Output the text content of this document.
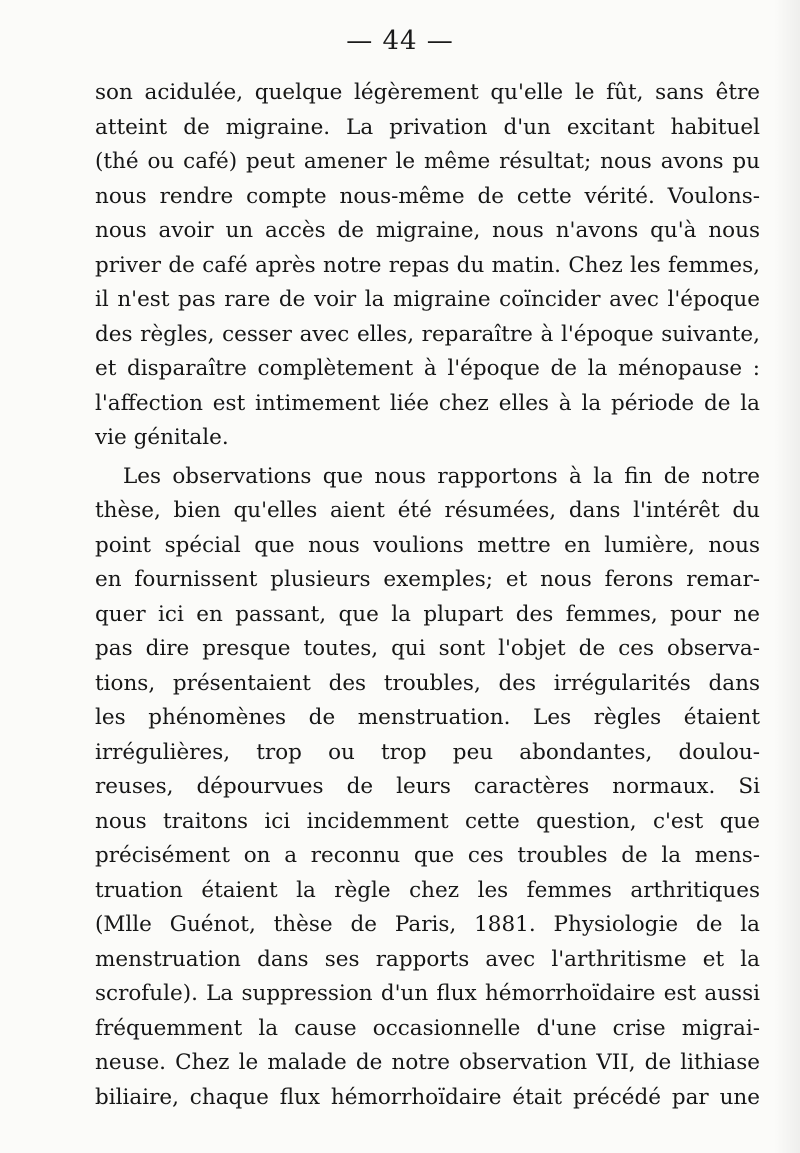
— 44 —
son acidulée, quelque légèrement qu'elle le fût, sans être
atteint de migraine. La privation d'un excitant habituel
(thé ou café) peut amener le même résultat; nous avons pu
nous rendre compte nous-même de cette vérité. Voulons-
nous avoir un accès de migraine, nous n'avons qu'à nous
priver de café après notre repas du matin. Chez les femmes,
il n'est pas rare de voir la migraine coïncider avec l'époque
des règles, cesser avec elles, reparaître à l'époque suivante,
et disparaître complètement à l'époque de la ménopause :
l'affection est intimement liée chez elles à la période de la
vie génitale.
Les observations que nous rapportons à la fin de notre
thèse, bien qu'elles aient été résumées, dans l'intérêt du
point spécial que nous voulions mettre en lumière, nous
en fournissent plusieurs exemples; et nous ferons remar-
quer ici en passant, que la plupart des femmes, pour ne
pas dire presque toutes, qui sont l'objet de ces observa-
tions, présentaient des troubles, des irrégularités dans
les phénomènes de menstruation. Les règles étaient
irrégulières, trop ou trop peu abondantes, doulou-
reuses, dépourvues de leurs caractères normaux. Si
nous traitons ici incidemment cette question, c'est que
précisément on a reconnu que ces troubles de la mens-
truation étaient la règle chez les femmes arthritiques
(Mlle Guénot, thèse de Paris, 1881. Physiologie de la
menstruation dans ses rapports avec l'arthritisme et la
scrofule). La suppression d'un flux hémorrhoïdaire est aussi
fréquemment la cause occasionnelle d'une crise migrai-
neuse. Chez le malade de notre observation VII, de lithiase
biliaire, chaque flux hémorrhoïdaire était précédé par une
